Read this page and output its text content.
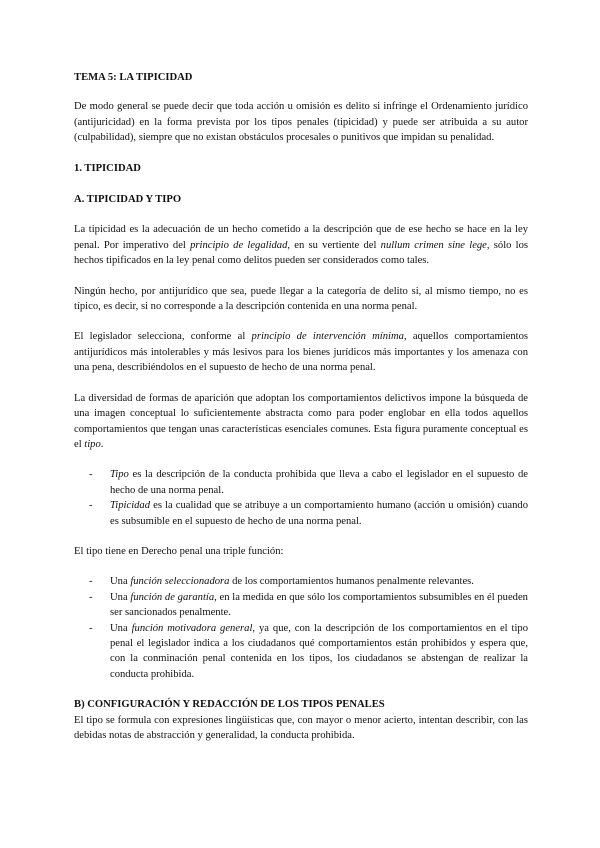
TEMA 5: LA TIPICIDAD

De modo general se puede decir que toda acción u omisión es delito si infringe el Ordenamiento jurídico (antijuricidad) en la forma prevista por los tipos penales (tipicidad) y puede ser atribuida a su autor (culpabilidad), siempre que no existan obstáculos procesales o punitivos que impidan su penalidad.

1. TIPICIDAD
A. TIPICIDAD Y TIPO

La tipicidad es la adecuación de un hecho cometido a la descripción que de ese hecho se hace en la ley penal. Por imperativo del principio de legalidad, en su vertiente del nullum crimen sine lege, sólo los hechos tipificados en la ley penal como delitos pueden ser considerados como tales.

Ningún hecho, por antijurídico que sea, puede llegar a la categoría de delito si, al mismo tiempo, no es típico, es decir, si no corresponde a la descripción contenida en una norma penal.

El legislador selecciona, conforme al principio de intervención mínima, aquellos comportamientos antijurídicos más intolerables y más lesivos para los bienes jurídicos más importantes y los amenaza con una pena, describiéndolos en el supuesto de hecho de una norma penal.

La diversidad de formas de aparición que adoptan los comportamientos delictivos impone la búsqueda de una imagen conceptual lo suficientemente abstracta como para poder englobar en ella todos aquellos comportamientos que tengan unas características esenciales comunes. Esta figura puramente conceptual es el tipo.

- Tipo es la descripción de la conducta prohibida que lleva a cabo el legislador en el supuesto de hecho de una norma penal.
- Tipicidad es la cualidad que se atribuye a un comportamiento humano (acción u omisión) cuando es subsumible en el supuesto de hecho de una norma penal.

El tipo tiene en Derecho penal una triple función:

- Una función seleccionadora de los comportamientos humanos penalmente relevantes.
- Una función de garantía, en la medida en que sólo los comportamientos subsumibles en él pueden ser sancionados penalmente.
- Una función motivadora general, ya que, con la descripción de los comportamientos en el tipo penal el legislador indica a los ciudadanos qué comportamientos están prohibidos y espera que, con la conminación penal contenida en los tipos, los ciudadanos se abstengan de realizar la conducta prohibida.
B) CONFIGURACIÓN Y REDACCIÓN DE LOS TIPOS PENALES

El tipo se formula con expresiones lingüísticas que, con mayor o menor acierto, intentan describir, con las debidas notas de abstracción y generalidad, la conducta prohibida.
